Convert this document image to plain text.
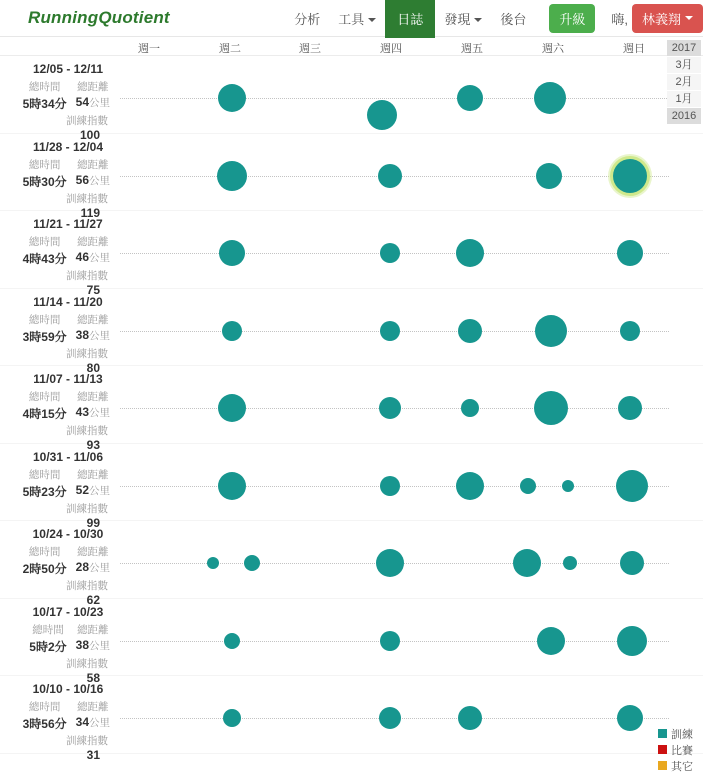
RunningQuotient	分析	工具	日誌	發現	後台	升級	嗨, 林義翔
週一	週二	週三	週四	週五	週六	週日	2017
3月
2月
1月
2016
12/05 - 12/11
總時間
5時34分
總距離
54公里
訓練指數
100
11/28 - 12/04
總時間
5時30分
總距離
56公里
訓練指數
119
11/21 - 11/27
總時間
4時43分
總距離
46公里
訓練指數
75
11/14 - 11/20
總時間
3時59分
總距離
38公里
訓練指數
80
11/07 - 11/13
總時間
4時15分
總距離
43公里
訓練指數
93
10/31 - 11/06
總時間
5時23分
總距離
52公里
訓練指數
99
10/24 - 10/30
總時間
2時50分
總距離
28公里
訓練指數
62
10/17 - 10/23
總時間
5時2分
總距離
38公里
訓練指數
58
10/10 - 10/16
總時間
3時56分
總距離
34公里
訓練指數
31
訓練
比賽
其它
